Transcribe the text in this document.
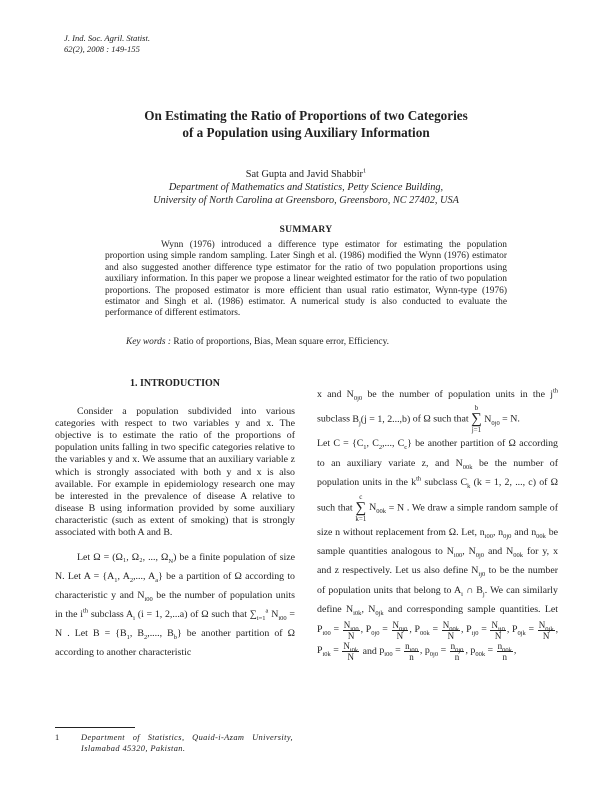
J. Ind. Soc. Agril. Statist.
62(2), 2008 : 149-155
On Estimating the Ratio of Proportions of two Categories
of a Population using Auxiliary Information
Sat Gupta and Javid Shabbir$^1$
Department of Mathematics and Statistics, Petty Science Building,
University of North Carolina at Greensboro, Greensboro, NC 27402, USA
SUMMARY

Wynn (1976) introduced a difference type estimator for estimating the population proportion using simple random sampling. Later Singh et al. (1986) modified the Wynn (1976) estimator and also suggested another difference type estimator for the ratio of two population proportions using auxiliary information. In this paper we propose a linear weighted estimator for the ratio of two population proportions. The proposed estimator is more efficient than usual ratio estimator, Wynn-type (1976) estimator and Singh et al. (1986) estimator. A numerical study is also conducted to evaluate the performance of different estimators.

Key words : Ratio of proportions, Bias, Mean square error, Efficiency.
1. INTRODUCTION

Consider a population subdivided into various categories with respect to two variables y and x. The objective is to estimate the ratio of the proportions of population units falling in two specific categories relative to the variables y and x. We assume that an auxiliary variable z which is strongly associated with both y and x is also available. For example in epidemiology research one may be interested in the prevalence of disease A relative to disease B using information provided by some auxiliary characteristic (such as extent of smoking) that is strongly associated with both A and B.

Let Ω = (Ω₁, Ω₂, ..., $\Omega_N$) be a finite population of size N. Let $A = \{A_1$, $A_2$,..., $A_a$} be a partition of Ω according to characteristic y and $N_{i00}$ be the number of population units in the $i^{th}$ subclass $A_i$ (i = 1, 2,...a) of Ω such that $\sum_{i=1}^a$ $N_{i00} = N$ . Let $B = \{B_1$, $B_2$,...., $B_b$} be another partition of Ω according to another characteristic

x and $N_{0j0}$ be the number of population units in the $j^{th}$ subclass $B_j(j = 1$, 2...,b) of Ω such that b
∑
j=1 $N_{0j0} = N$.

Let $C = \{C_1$, $C_2$,..., $C_c$} be another partition of Ω according to an auxiliary variate z, and $N_{00k}$ be the number of population units in the $k^{th}$ subclass $C_k$ (k = 1, 2, ..., c) of Ω such that c
∑
k=1 $N_{00k} = N$ . We draw a simple random sample of size n without replacement from Ω. Let, $n_{i00}$, $n_{0j0}$ and $n_{00k}$ be sample quantities analogous to $N_{i00}$, $N_{0j0}$ and $N_{00k}$ for y, x and z respectively. Let us also define $N_{ij0}$ to be the number of population units that belong to $A_i$ ∩ $B_j$. We can similarly define $N_{i0k}$, $N_{0jk}$ and corresponding sample quantities. Let $P_{i00} = \frac{N_{i00}}{N}$ , $P_{0j0} = \frac{N_{0j0}}{N}$ , $P_{00k} = \frac{N_{00k}}{N}$ , $P_{ij0} = \frac{N_{ij0}}{N}$ , $P_{0jk} = \frac{N_{0jk}}{N}$ , $P_{i0k} = \frac{N_{i0k}}{N}$ and $p_{i00} = \frac{n_{i00}}{n}$ , $p_{0j0} = \frac{n_{0j0}}{n}$ , $p_{00k} = \frac{n_{00k}}{n}$ ,

1	Department of Statistics, Quaid-i-Azam University, Islamabad 45320, Pakistan.
